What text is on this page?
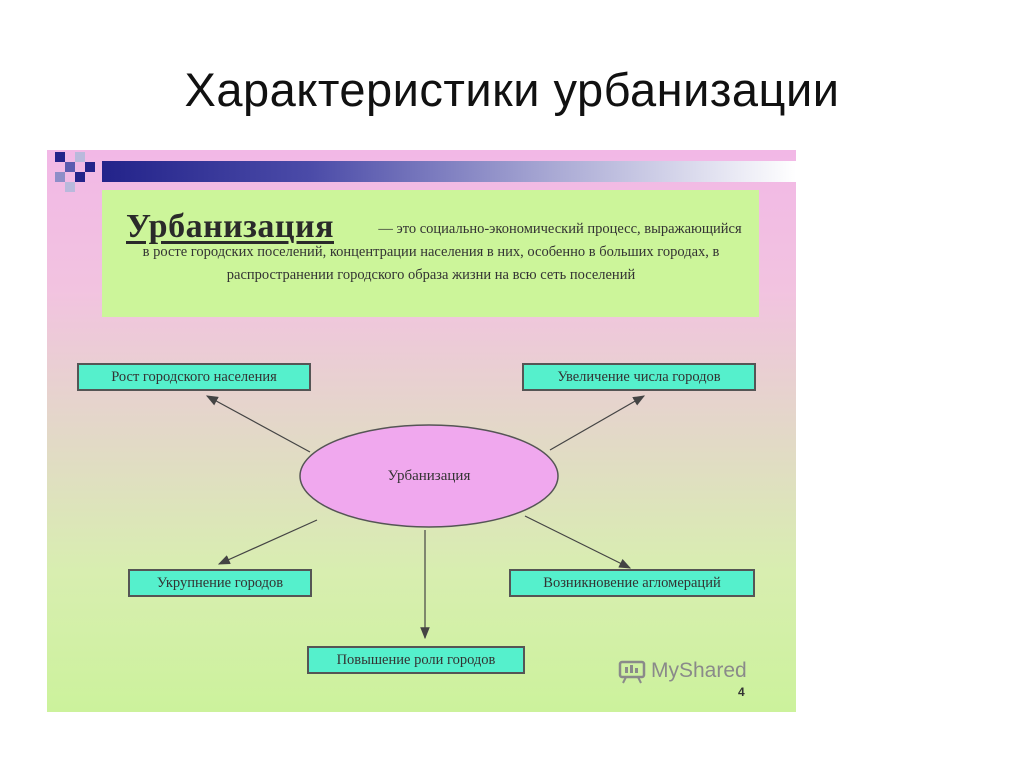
Характеристики урбанизации
— это социально-экономический процесс, выражающийся в росте городских поселений, концентрации населения в них, особенно в больших городах, в распространении городского образа жизни на всю сеть поселений
Урбанизация
Урбанизация
Рост городского населения	Увеличение числа городов
Укрупнение городов	Возникновение агломераций
Повышение роли городов	MyShared
4
